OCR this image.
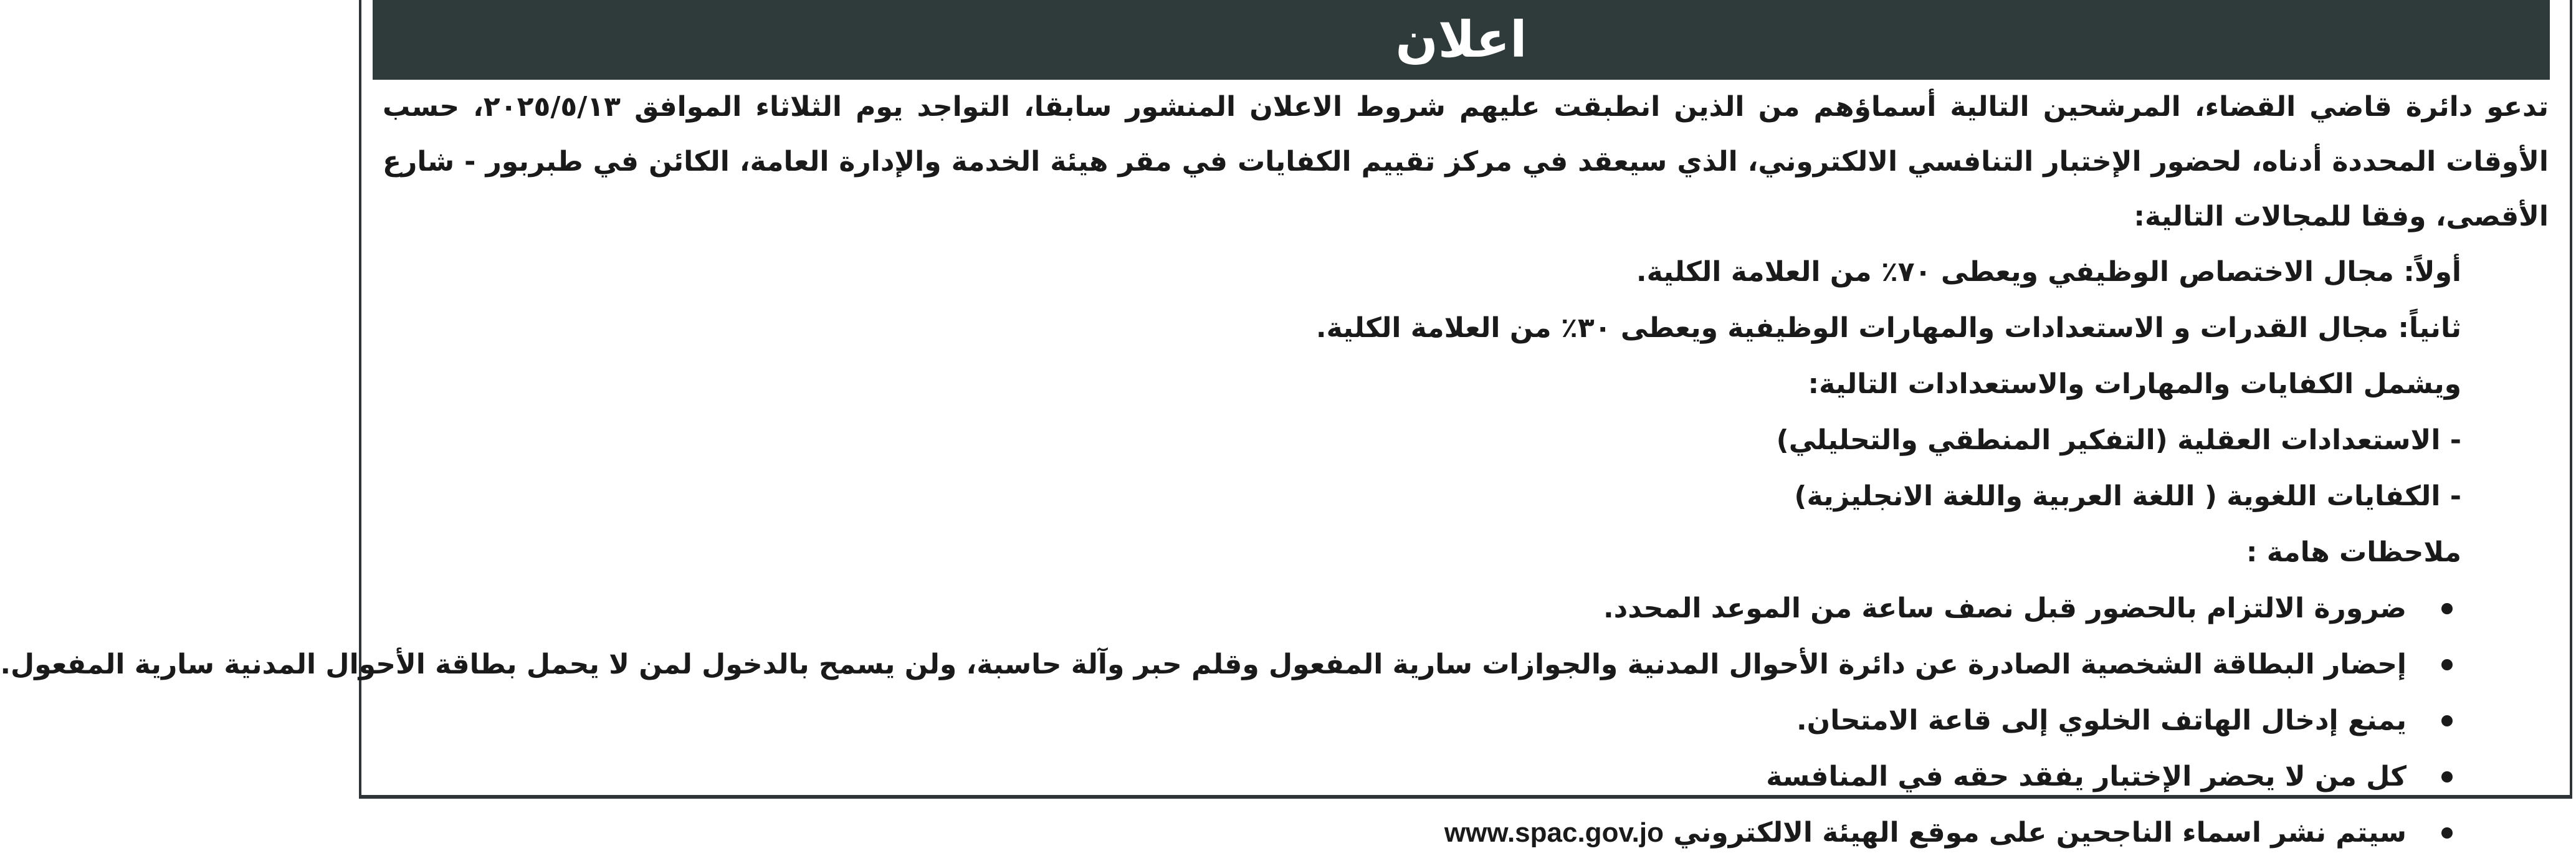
اعلان

تدعو دائرة قاضي القضاء، المرشحين التالية أسماؤهم من الذين انطبقت عليهم شروط الاعلان المنشور سابقا، التواجد يوم الثلاثاء الموافق ٢٠٢٥/٥/١٣، حسب الأوقات المحددة أدناه، لحضور الإختبار التنافسي الالكتروني، الذي سيعقد في مركز تقييم الكفايات في مقر هيئة الخدمة والإدارة العامة، الكائن في طبربور - شارع الأقصى، وفقا للمجالات التالية:

أولاً: مجال الاختصاص الوظيفي ويعطى ٧٠٪ من العلامة الكلية.
ثانياً: مجال القدرات و الاستعدادات والمهارات الوظيفية ويعطى ٣٠٪ من العلامة الكلية.
ويشمل الكفايات والمهارات والاستعدادات التالية:
- الاستعدادات العقلية (التفكير المنطقي والتحليلي)
- الكفايات اللغوية ( اللغة العربية واللغة الانجليزية)
ملاحظات هامة :
ضرورة الالتزام بالحضور قبل نصف ساعة من الموعد المحدد.
إحضار البطاقة الشخصية الصادرة عن دائرة الأحوال المدنية والجوازات سارية المفعول وقلم حبر وآلة حاسبة، ولن يسمح بالدخول لمن لا يحمل بطاقة الأحوال المدنية سارية المفعول.
يمنع إدخال الهاتف الخلوي إلى قاعة الامتحان.
كل من لا يحضر الإختبار يفقد حقه في المنافسة
سيتم نشر اسماء الناجحين على موقع الهيئة الالكتروني www.spac.gov.jo
